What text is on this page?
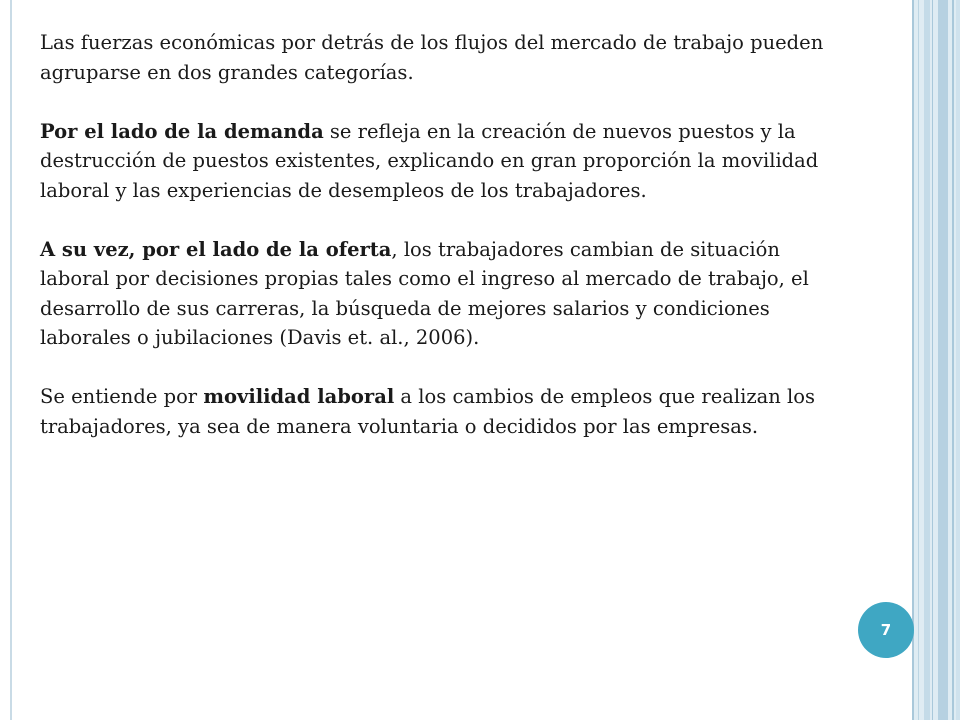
Las fuerzas económicas por detrás de los flujos del mercado de trabajo pueden agruparse en dos grandes categorías.

Por el lado de la demanda se refleja en la creación de nuevos puestos y la destrucción de puestos existentes, explicando en gran proporción la movilidad laboral y las experiencias de desempleos de los trabajadores.

A su vez, por el lado de la oferta, los trabajadores cambian de situación laboral por decisiones propias tales como el ingreso al mercado de trabajo, el desarrollo de sus carreras, la búsqueda de mejores salarios y condiciones laborales o jubilaciones (Davis et. al., 2006).

Se entiende por movilidad laboral a los cambios de empleos que realizan los trabajadores, ya sea de manera voluntaria o decididos por las empresas.

7
